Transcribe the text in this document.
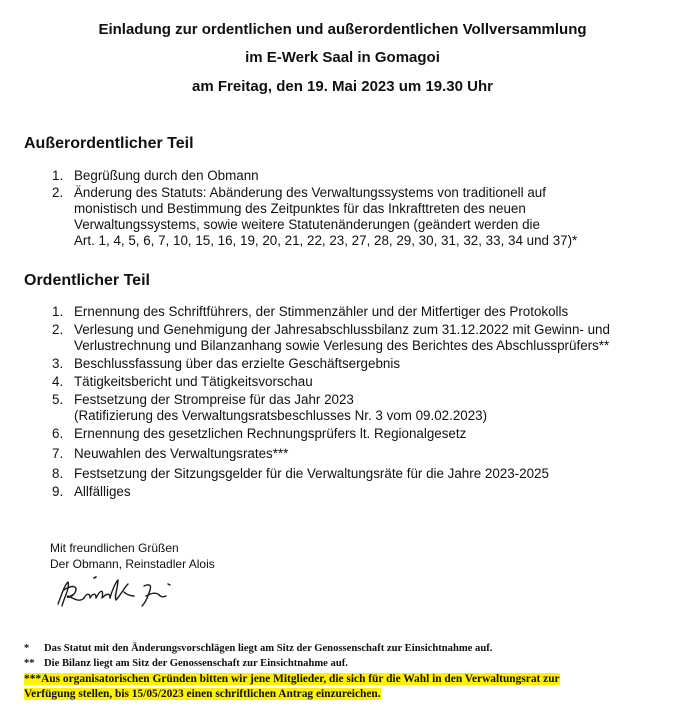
Einladung zur ordentlichen und außerordentlichen Vollversammlung
im E-Werk Saal in Gomagoi
am Freitag, den 19. Mai 2023 um 19.30 Uhr
Außerordentlicher Teil
1. Begrüßung durch den Obmann
2. Änderung des Statuts: Abänderung des Verwaltungssystems von traditionell auf
monistisch und Bestimmung des Zeitpunktes für das Inkrafttreten des neuen
Verwaltungssystems, sowie weitere Statutenänderungen (geändert werden die
Art. 1, 4, 5, 6, 7, 10, 15, 16, 19, 20, 21, 22, 23, 27, 28, 29, 30, 31, 32, 33, 34 und 37)*
Ordentlicher Teil
1. Ernennung des Schriftführers, der Stimmenzähler und der Mitfertiger des Protokolls
2. Verlesung und Genehmigung der Jahresabschlussbilanz zum 31.12.2022 mit Gewinn- und
Verlustrechnung und Bilanzanhang sowie Verlesung des Berichtes des Abschlussprüfers**
3. Beschlussfassung über das erzielte Geschäftsergebnis
4. Tätigkeitsbericht und Tätigkeitsvorschau
5. Festsetzung der Strompreise für das Jahr 2023
(Ratifizierung des Verwaltungsratsbeschlusses Nr. 3 vom 09.02.2023)
6. Ernennung des gesetzlichen Rechnungsprüfers lt. Regionalgesetz
7. Neuwahlen des Verwaltungsrates***
8. Festsetzung der Sitzungsgelder für die Verwaltungsräte für die Jahre 2023-2025
9. Allfälliges
Mit freundlichen Grüßen
Der Obmann, Reinstadler Alois
*	Das Statut mit den Änderungsvorschlägen liegt am Sitz der Genossenschaft zur Einsichtnahme auf.
** Die Bilanz liegt am Sitz der Genossenschaft zur Einsichtnahme auf.
***Aus organisatorischen Gründen bitten wir jene Mitglieder, die sich für die Wahl in den Verwaltungsrat zur
Verfügung stellen, bis 15/05/2023 einen schriftlichen Antrag einzureichen.
